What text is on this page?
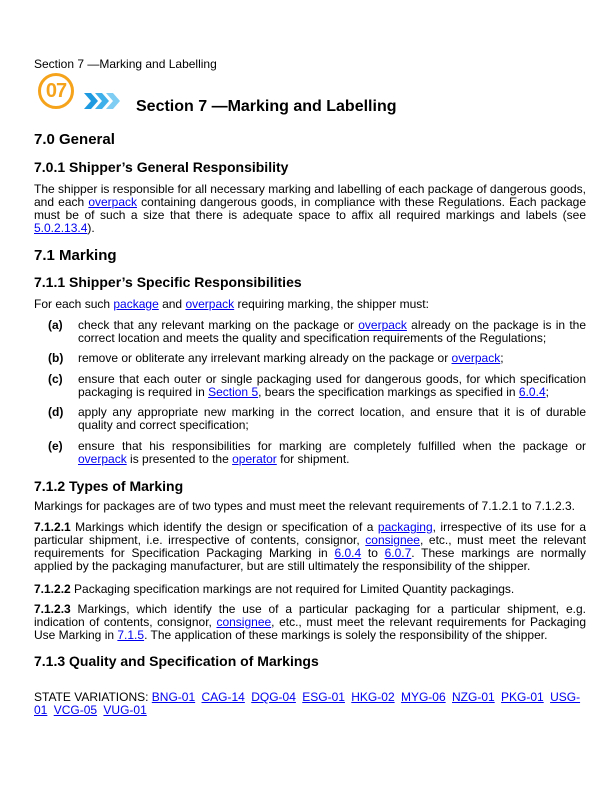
Section 7 —Marking and Labelling
07
Section 7 —Marking and Labelling
7.0 General
7.0.1 Shipper’s General Responsibility
The shipper is responsible for all necessary marking and labelling of each package of dangerous goods, and each overpack containing dangerous goods, in compliance with these Regulations. Each package must be of such a size that there is adequate space to affix all required markings and labels (see 5.0.2.13.4).
7.1 Marking
7.1.1 Shipper’s Specific Responsibilities
For each such package and overpack requiring marking, the shipper must:
(a) check that any relevant marking on the package or overpack already on the package is in the correct location and meets the quality and specification requirements of the Regulations;
(b) remove or obliterate any irrelevant marking already on the package or overpack;
(c) ensure that each outer or single packaging used for dangerous goods, for which specification packaging is required in Section 5, bears the specification markings as specified in 6.0.4;
(d) apply any appropriate new marking in the correct location, and ensure that it is of durable quality and correct specification;
(e) ensure that his responsibilities for marking are completely fulfilled when the package or overpack is presented to the operator for shipment.
7.1.2 Types of Marking
Markings for packages are of two types and must meet the relevant requirements of 7.1.2.1 to 7.1.2.3.
7.1.2.1 Markings which identify the design or specification of a packaging, irrespective of its use for a particular shipment, i.e. irrespective of contents, consignor, consignee, etc., must meet the relevant requirements for Specification Packaging Marking in 6.0.4 to 6.0.7. These markings are normally applied by the packaging manufacturer, but are still ultimately the responsibility of the shipper.
7.1.2.2 Packaging specification markings are not required for Limited Quantity packagings.
7.1.2.3 Markings, which identify the use of a particular packaging for a particular shipment, e.g. indication of contents, consignor, consignee, etc., must meet the relevant requirements for Packaging Use Marking in 7.1.5. The application of these markings is solely the responsibility of the shipper.
7.1.3 Quality and Specification of Markings
STATE VARIATIONS: BNG-01 CAG-14 DQG-04 ESG-01 HKG-02 MYG-06 NZG-01 PKG-01 USG-01 VCG-05 VUG-01
